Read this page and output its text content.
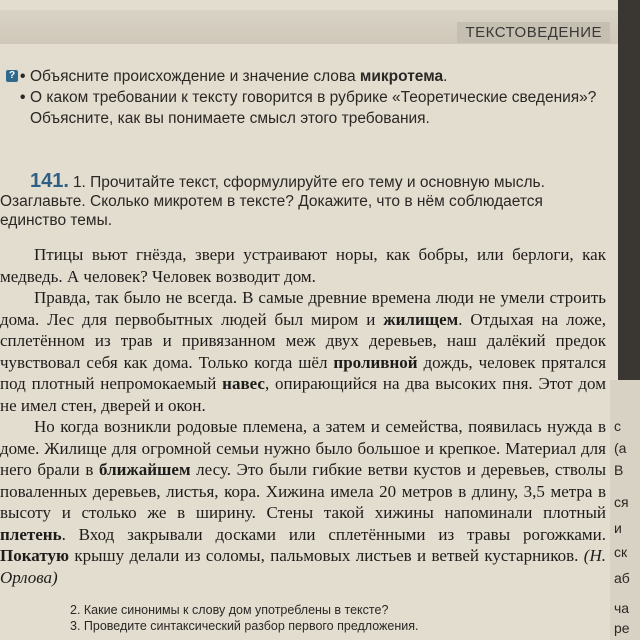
ТЕКСТОВЕДЕНИЕ
? • Объясните происхождение и значение слова микротема.
• О каком требовании к тексту говорится в рубрике «Теоретические сведения»? Объясните, как вы понимаете смысл этого требования.
141. 1. Прочитайте текст, сформулируйте его тему и основную мысль. Озаглавьте. Сколько микротем в тексте? Докажите, что в нём соблюдается единство темы.

Птицы вьют гнёзда, звери устраивают норы, как бобры, или берлоги, как медведь. А человек? Человек возводит дом.

Правда, так было не всегда. В самые древние времена люди не умели строить дома. Лес для первобытных людей был миром и жилищем. Отдыхая на ложе, сплетённом из трав и привязанном меж двух деревьев, наш далёкий предок чувствовал себя как дома. Только когда шёл проливной дождь, человек прятался под плотный непромокаемый навес, опирающийся на два высоких пня. Этот дом не имел стен, дверей и окон.

Но когда возникли родовые племена, а затем и семейства, появилась нужда в доме. Жилище для огромной семьи нужно было большое и крепкое. Материал для него брали в ближайшем лесу. Это были гибкие ветви кустов и деревьев, стволы поваленных деревьев, листья, кора. Хижина имела 20 метров в длину, 3,5 метра в высоту и столько же в ширину. Стены такой хижины напоминали плотный плетень. Вход закрывали досками или сплетёнными из травы рогожками. Покатую крышу делали из соломы, пальмовых листьев и ветвей кустарников. (Н. Орлова)

2. Какие синонимы к слову дом употреблены в тексте?
3. Проведите синтаксический разбор первого предложения.
с
(а
В
ся
и
ск
аб
ча
ре
